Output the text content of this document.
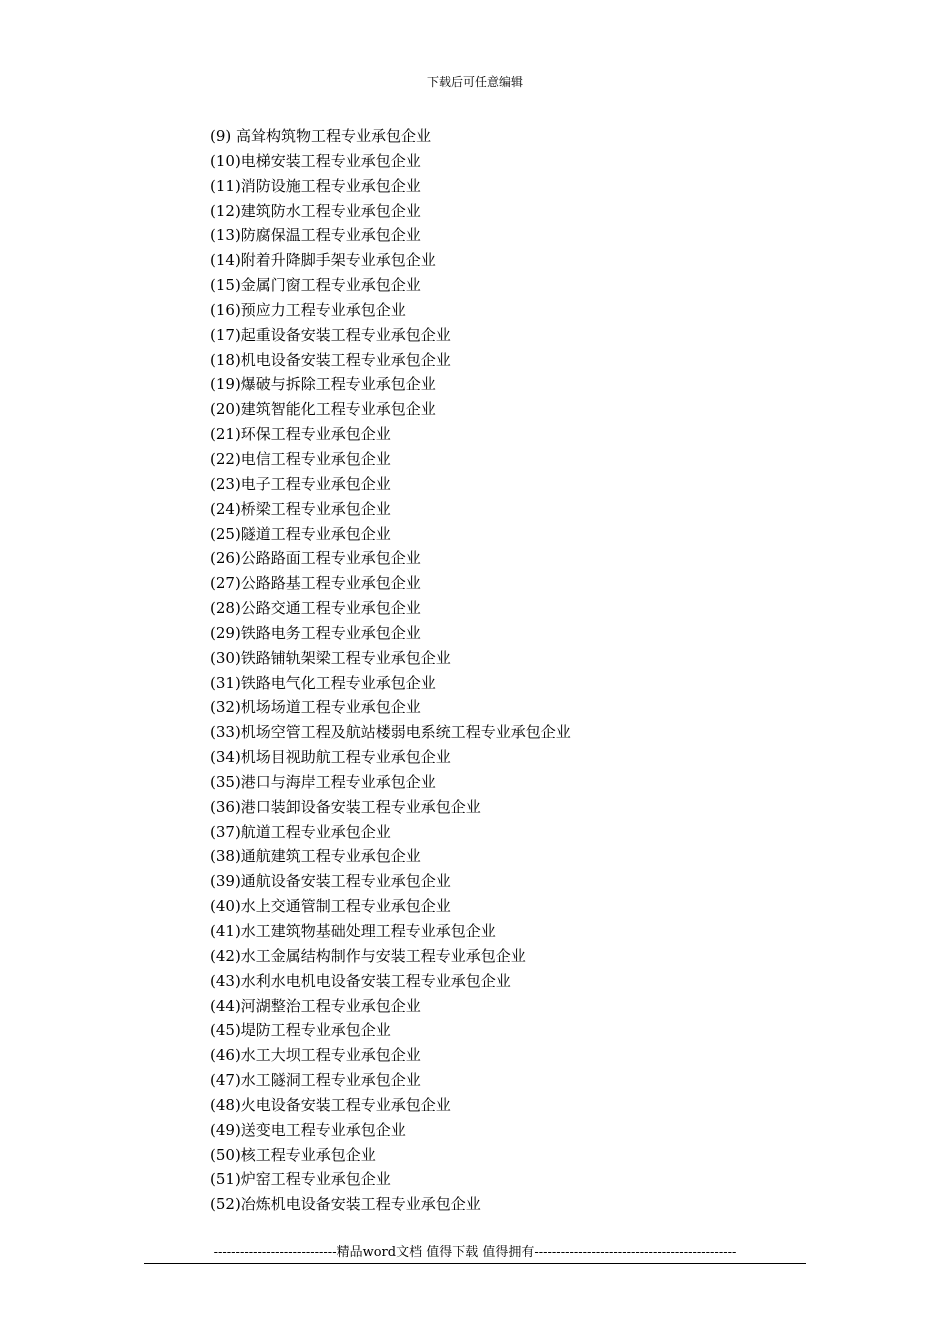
下载后可任意编辑
(9) 高耸构筑物工程专业承包企业
(10)电梯安装工程专业承包企业
(11)消防设施工程专业承包企业
(12)建筑防水工程专业承包企业
(13)防腐保温工程专业承包企业
(14)附着升降脚手架专业承包企业
(15)金属门窗工程专业承包企业
(16)预应力工程专业承包企业
(17)起重设备安装工程专业承包企业
(18)机电设备安装工程专业承包企业
(19)爆破与拆除工程专业承包企业
(20)建筑智能化工程专业承包企业
(21)环保工程专业承包企业
(22)电信工程专业承包企业
(23)电子工程专业承包企业
(24)桥梁工程专业承包企业
(25)隧道工程专业承包企业
(26)公路路面工程专业承包企业
(27)公路路基工程专业承包企业
(28)公路交通工程专业承包企业
(29)铁路电务工程专业承包企业
(30)铁路铺轨架梁工程专业承包企业
(31)铁路电气化工程专业承包企业
(32)机场场道工程专业承包企业
(33)机场空管工程及航站楼弱电系统工程专业承包企业
(34)机场目视助航工程专业承包企业
(35)港口与海岸工程专业承包企业
(36)港口装卸设备安装工程专业承包企业
(37)航道工程专业承包企业
(38)通航建筑工程专业承包企业
(39)通航设备安装工程专业承包企业
(40)水上交通管制工程专业承包企业
(41)水工建筑物基础处理工程专业承包企业
(42)水工金属结构制作与安装工程专业承包企业
(43)水利水电机电设备安装工程专业承包企业
(44)河湖整治工程专业承包企业
(45)堤防工程专业承包企业
(46)水工大坝工程专业承包企业
(47)水工隧洞工程专业承包企业
(48)火电设备安装工程专业承包企业
(49)送变电工程专业承包企业
(50)核工程专业承包企业
(51)炉窑工程专业承包企业
(52)冶炼机电设备安装工程专业承包企业
----------------------------精品word文档 值得下载 值得拥有----------------------------------------------
